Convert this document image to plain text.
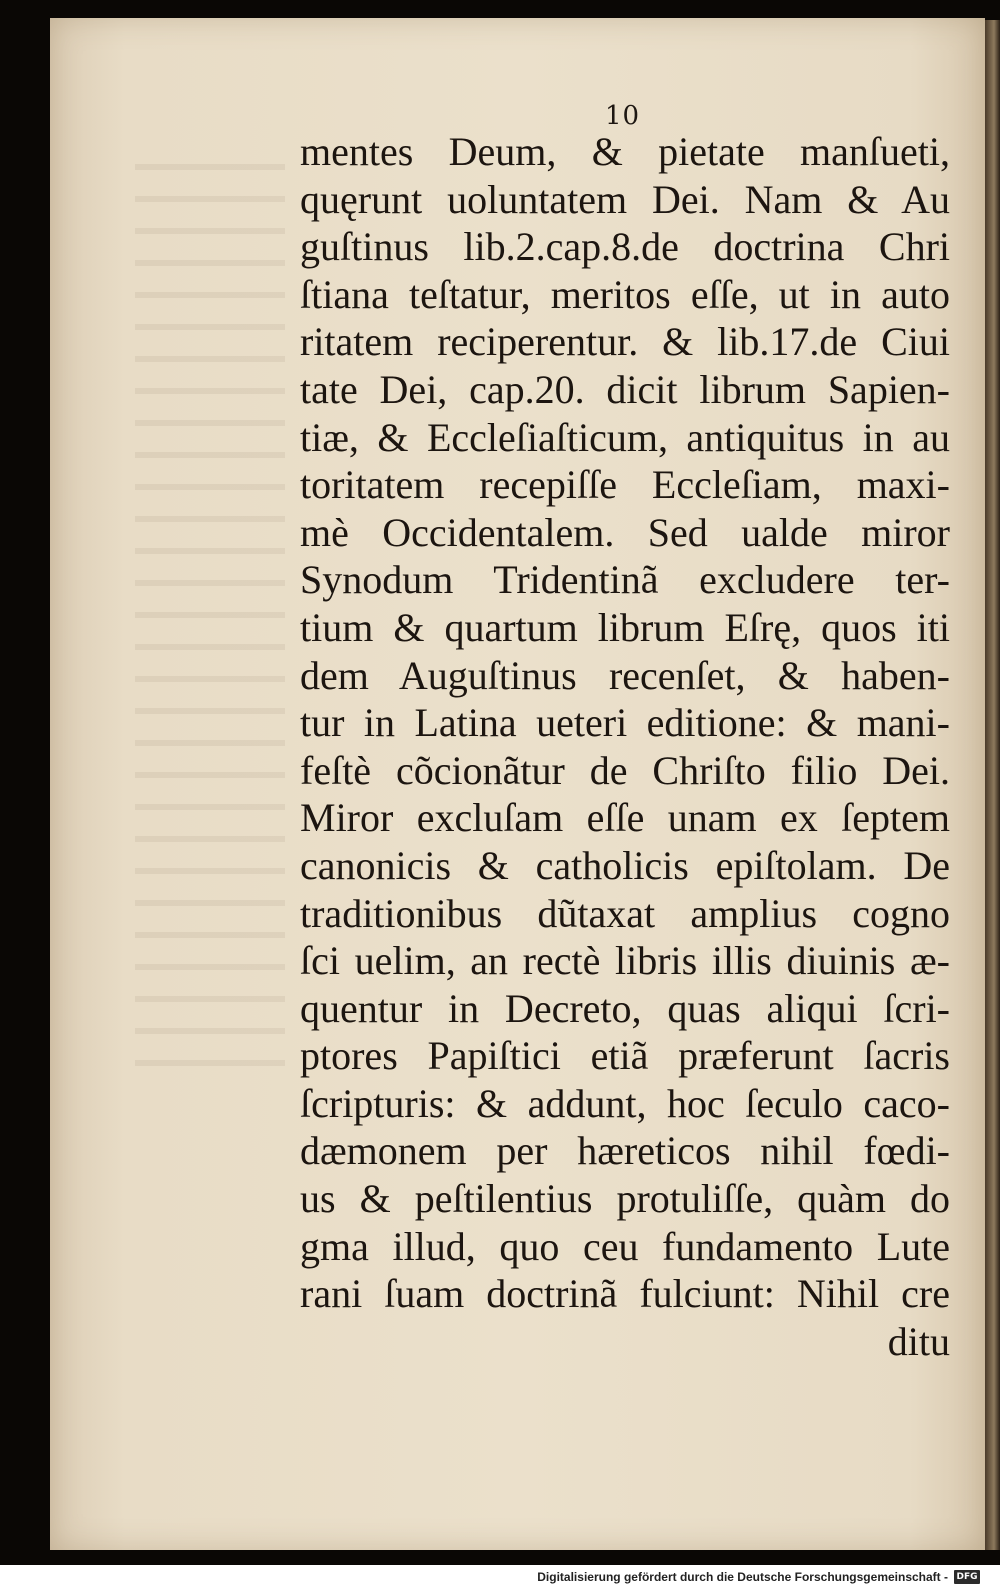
10
mentes Deum, & pietate manſueti,
quęrunt uoluntatem Dei. Nam & Au
guſtinus lib.2.cap.8.de doctrina Chri
ſtiana teſtatur, meritos eſſe, ut in auto
ritatem reciperentur. & lib.17.de Ciui
tate Dei, cap.20. dicit librum Sapien-
tiæ, & Eccleſiaſticum, antiquitus in au
toritatem recepiſſe Eccleſiam, maxi-
mè Occidentalem. Sed ualde miror
Synodum Tridentinã excludere ter-
tium & quartum librum Eſrę, quos iti
dem Auguſtinus recenſet, & haben-
tur in Latina ueteri editione: & mani-
feſtè cõcionãtur de Chriſto filio Dei.
Miror excluſam eſſe unam ex ſeptem
canonicis & catholicis epiſtolam. De
traditionibus dũtaxat amplius cogno
ſci uelim, an rectè libris illis diuinis æ-
quentur in Decreto, quas aliqui ſcri-
ptores Papiſtici etiã præferunt ſacris
ſcripturis: & addunt, hoc ſeculo caco-
dæmonem per hæreticos nihil fœdi-
us & peſtilentius protuliſſe, quàm do
gma illud, quo ceu fundamento Lute
rani ſuam doctrinã fulciunt: Nihil cre
ditu
Digitalisierung gefördert durch die Deutsche Forschungsgemeinschaft - DFG
